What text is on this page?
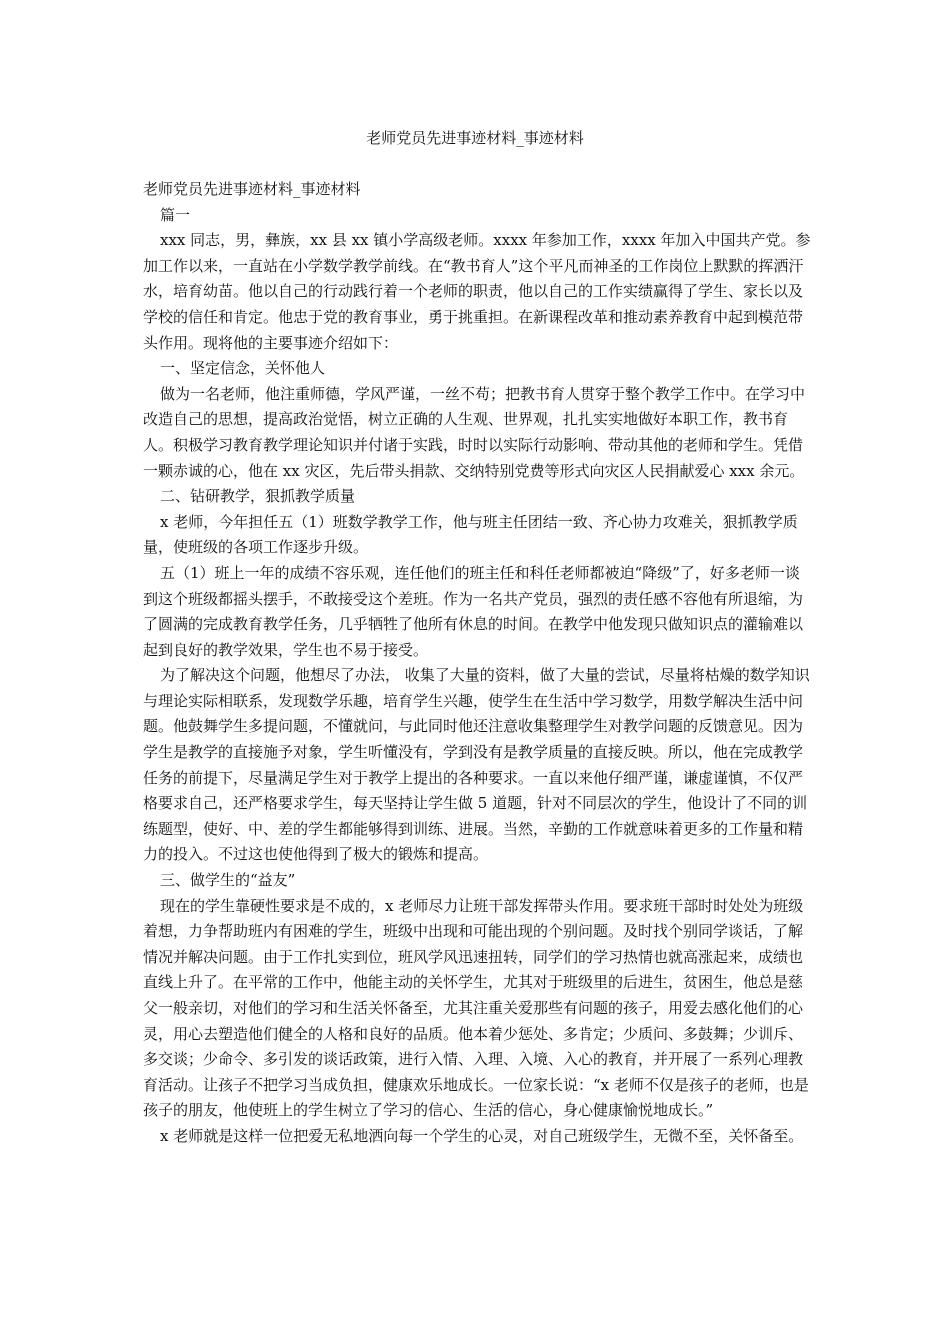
老师党员先进事迹材料_事迹材料

老师党员先进事迹材料_事迹材料

篇一

xxx 同志，男，彝族，xx 县 xx 镇小学高级老师。xxxx 年参加工作，xxxx 年加入中国共产党。参加工作以来，一直站在小学数学教学前线。在“教书育人”这个平凡而神圣的工作岗位上默默的挥洒汗水，培育幼苗。他以自己的行动践行着一个老师的职责，他以自己的工作实绩赢得了学生、家长以及学校的信任和肯定。他忠于党的教育事业，勇于挑重担。在新课程改革和推动素养教育中起到模范带头作用。现将他的主要事迹介绍如下：

一、坚定信念，关怀他人

做为一名老师，他注重师德，学风严谨，一丝不苟；把教书育人贯穿于整个教学工作中。在学习中改造自己的思想，提高政治觉悟，树立正确的人生观、世界观，扎扎实实地做好本职工作，教书育人。积极学习教育教学理论知识并付诸于实践，时时以实际行动影响、带动其他的老师和学生。凭借一颗赤诚的心，他在 xx 灾区，先后带头捐款、交纳特别党费等形式向灾区人民捐献爱心 xxx 余元。

二、钻研教学，狠抓教学质量

x 老师，今年担任五（1）班数学教学工作，他与班主任团结一致、齐心协力攻难关，狠抓教学质量，使班级的各项工作逐步升级。

五（1）班上一年的成绩不容乐观，连任他们的班主任和科任老师都被迫“降级”了，好多老师一谈到这个班级都摇头摆手，不敢接受这个差班。作为一名共产党员，强烈的责任感不容他有所退缩，为了圆满的完成教育教学任务，几乎牺牲了他所有休息的时间。在教学中他发现只做知识点的灌输难以起到良好的教学效果，学生也不易于接受。

为了解决这个问题，他想尽了办法， 收集了大量的资料，做了大量的尝试，尽量将枯燥的数学知识与理论实际相联系，发现数学乐趣，培育学生兴趣，使学生在生活中学习数学，用数学解决生活中问题。他鼓舞学生多提问题，不懂就问，与此同时他还注意收集整理学生对教学问题的反馈意见。因为学生是教学的直接施予对象，学生听懂没有，学到没有是教学质量的直接反映。所以，他在完成教学任务的前提下，尽量满足学生对于教学上提出的各种要求。一直以来他仔细严谨，谦虚谨慎，不仅严格要求自己，还严格要求学生，每天坚持让学生做 5 道题，针对不同层次的学生，他设计了不同的训练题型，使好、中、差的学生都能够得到训练、进展。当然，辛勤的工作就意味着更多的工作量和精力的投入。不过这也使他得到了极大的锻炼和提高。

三、做学生的“益友”

现在的学生靠硬性要求是不成的，x 老师尽力让班干部发挥带头作用。要求班干部时时处处为班级着想，力争帮助班内有困难的学生，班级中出现和可能出现的个别问题。及时找个别同学谈话，了解情况并解决问题。由于工作扎实到位，班风学风迅速扭转，同学们的学习热情也就高涨起来，成绩也直线上升了。在平常的工作中，他能主动的关怀学生，尤其对于班级里的后进生，贫困生，他总是慈父一般亲切，对他们的学习和生活关怀备至，尤其注重关爱那些有问题的孩子，用爱去感化他们的心灵，用心去塑造他们健全的人格和良好的品质。他本着少惩处、多肯定；少质问、多鼓舞；少训斥、多交谈；少命令、多引发的谈话政策，进行入情、入理、入境、入心的教育，并开展了一系列心理教育活动。让孩子不把学习当成负担，健康欢乐地成长。一位家长说：“x 老师不仅是孩子的老师，也是孩子的朋友，他使班上的学生树立了学习的信心、生活的信心，身心健康愉悦地成长。”

x 老师就是这样一位把爱无私地洒向每一个学生的心灵，对自己班级学生，无微不至，关怀备至。
